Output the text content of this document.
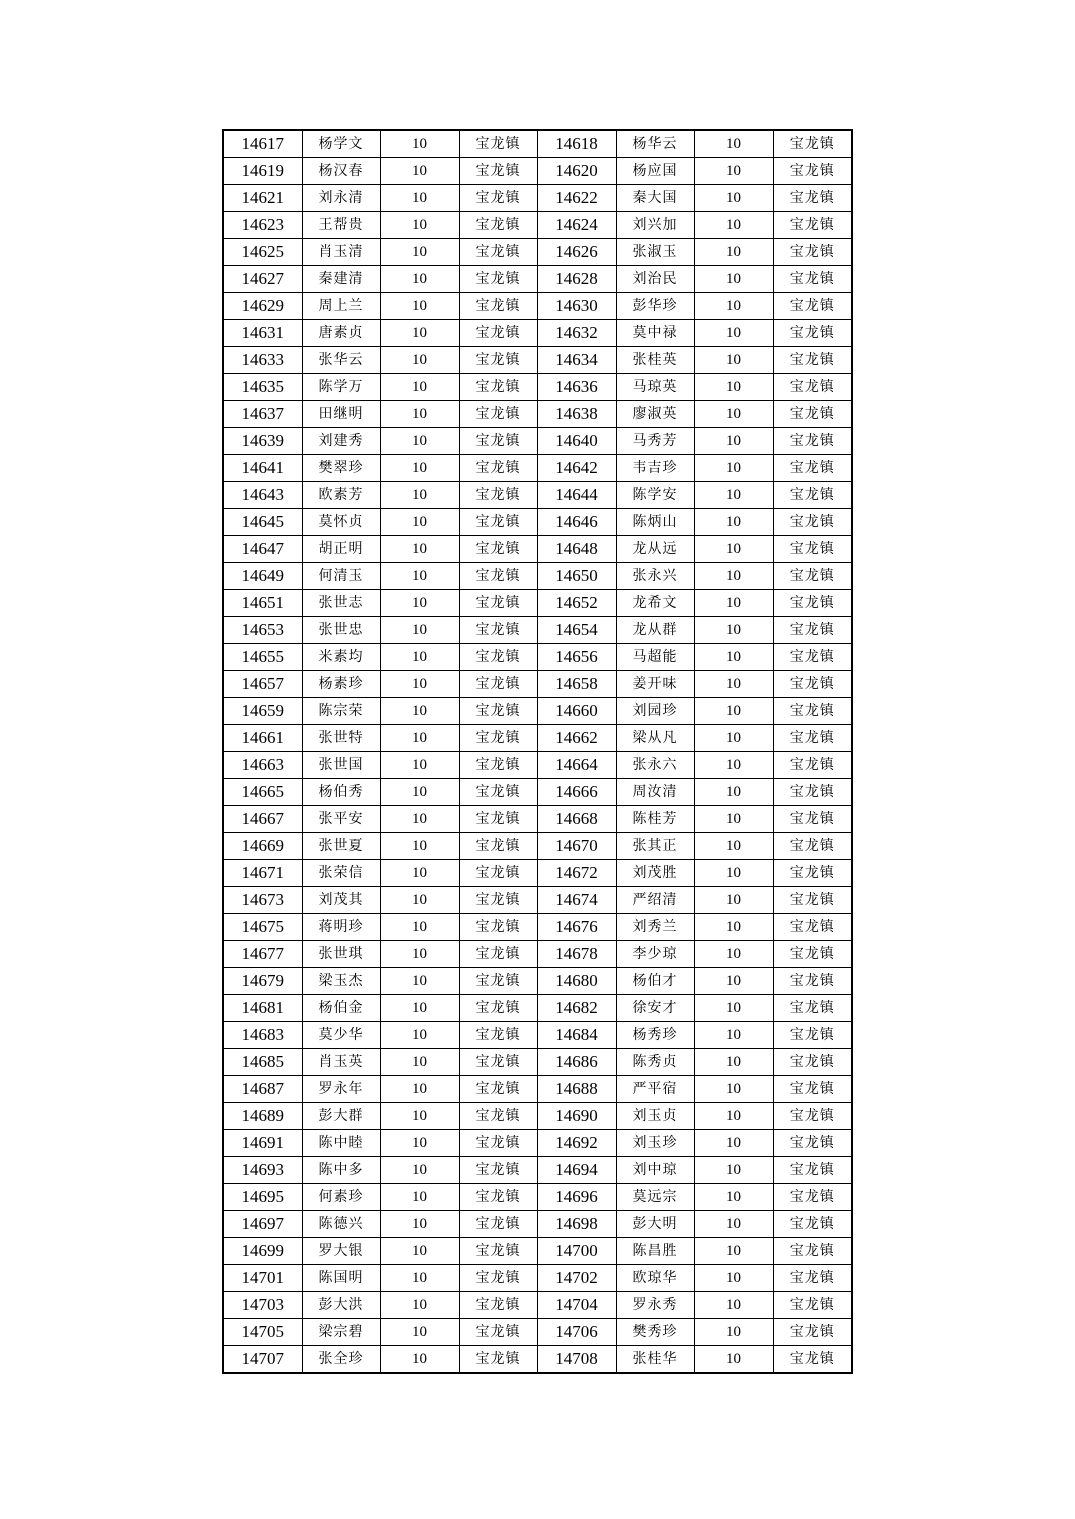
14617	杨学文	10	宝龙镇	14618	杨华云	10	宝龙镇
14619	杨汉春	10	宝龙镇	14620	杨应国	10	宝龙镇
14621	刘永清	10	宝龙镇	14622	秦大国	10	宝龙镇
14623	王帮贵	10	宝龙镇	14624	刘兴加	10	宝龙镇
14625	肖玉清	10	宝龙镇	14626	张淑玉	10	宝龙镇
14627	秦建清	10	宝龙镇	14628	刘治民	10	宝龙镇
14629	周上兰	10	宝龙镇	14630	彭华珍	10	宝龙镇
14631	唐素贞	10	宝龙镇	14632	莫中禄	10	宝龙镇
14633	张华云	10	宝龙镇	14634	张桂英	10	宝龙镇
14635	陈学万	10	宝龙镇	14636	马琼英	10	宝龙镇
14637	田继明	10	宝龙镇	14638	廖淑英	10	宝龙镇
14639	刘建秀	10	宝龙镇	14640	马秀芳	10	宝龙镇
14641	樊翠珍	10	宝龙镇	14642	韦吉珍	10	宝龙镇
14643	欧素芳	10	宝龙镇	14644	陈学安	10	宝龙镇
14645	莫怀贞	10	宝龙镇	14646	陈炳山	10	宝龙镇
14647	胡正明	10	宝龙镇	14648	龙从远	10	宝龙镇
14649	何清玉	10	宝龙镇	14650	张永兴	10	宝龙镇
14651	张世志	10	宝龙镇	14652	龙希文	10	宝龙镇
14653	张世忠	10	宝龙镇	14654	龙从群	10	宝龙镇
14655	米素均	10	宝龙镇	14656	马超能	10	宝龙镇
14657	杨素珍	10	宝龙镇	14658	姜开味	10	宝龙镇
14659	陈宗荣	10	宝龙镇	14660	刘园珍	10	宝龙镇
14661	张世特	10	宝龙镇	14662	梁从凡	10	宝龙镇
14663	张世国	10	宝龙镇	14664	张永六	10	宝龙镇
14665	杨伯秀	10	宝龙镇	14666	周汝清	10	宝龙镇
14667	张平安	10	宝龙镇	14668	陈桂芳	10	宝龙镇
14669	张世夏	10	宝龙镇	14670	张其正	10	宝龙镇
14671	张荣信	10	宝龙镇	14672	刘茂胜	10	宝龙镇
14673	刘茂其	10	宝龙镇	14674	严绍清	10	宝龙镇
14675	蒋明珍	10	宝龙镇	14676	刘秀兰	10	宝龙镇
14677	张世琪	10	宝龙镇	14678	李少琼	10	宝龙镇
14679	梁玉杰	10	宝龙镇	14680	杨伯才	10	宝龙镇
14681	杨伯金	10	宝龙镇	14682	徐安才	10	宝龙镇
14683	莫少华	10	宝龙镇	14684	杨秀珍	10	宝龙镇
14685	肖玉英	10	宝龙镇	14686	陈秀贞	10	宝龙镇
14687	罗永年	10	宝龙镇	14688	严平宿	10	宝龙镇
14689	彭大群	10	宝龙镇	14690	刘玉贞	10	宝龙镇
14691	陈中睦	10	宝龙镇	14692	刘玉珍	10	宝龙镇
14693	陈中多	10	宝龙镇	14694	刘中琼	10	宝龙镇
14695	何素珍	10	宝龙镇	14696	莫远宗	10	宝龙镇
14697	陈德兴	10	宝龙镇	14698	彭大明	10	宝龙镇
14699	罗大银	10	宝龙镇	14700	陈昌胜	10	宝龙镇
14701	陈国明	10	宝龙镇	14702	欧琼华	10	宝龙镇
14703	彭大洪	10	宝龙镇	14704	罗永秀	10	宝龙镇
14705	梁宗碧	10	宝龙镇	14706	樊秀珍	10	宝龙镇
14707	张全珍	10	宝龙镇	14708	张桂华	10	宝龙镇
